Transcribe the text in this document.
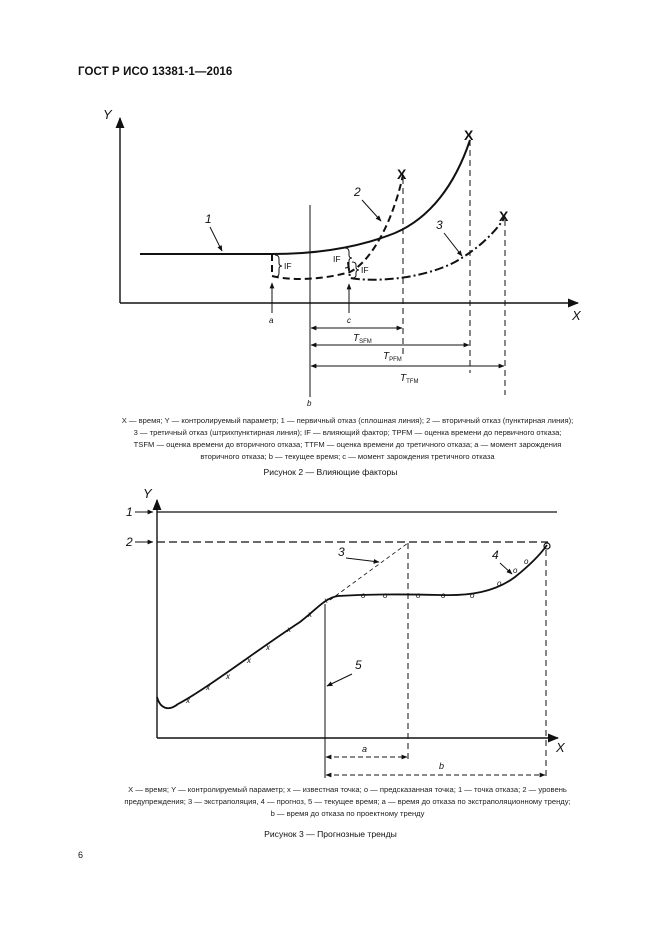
ГОСТ Р ИСО 13381-1—2016
Y
X
X
X
X
1
2
3
IF
IF
IF
a	c
b
$T_{SFM}$
$T_{PFM}$
$T_{TFM}$
X — время; Y — контролируемый параметр; 1 — первичный отказ (сплошная линия); 2 — вторичный отказ (пунктирная линия);
3 — третичный отказ (штрихпунктирная линия); IF — влияющий фактор; TPFM — оценка времени до первичного отказа;
TSFM — оценка времени до вторичного отказа; TTFM — оценка времени до третичного отказа; a — момент зарождения
вторичного отказа; b — текущее время; c — момент зарождения третичного отказа
Рисунок 2 — Влияющие факторы
Y
X
1
2
x
x
x
x
x
x
x
x
o o	o	o	o
o
o
o
3	4
5
a
b
X — время; Y — контролируемый параметр; x — известная точка; o — предсказанная точка; 1 — точка отказа; 2 — уровень
предупреждения; 3 — экстраполяция, 4 — прогноз, 5 — текущее время; a — время до отказа по экстраполяционному тренду;
b — время до отказа по проектному тренду
Рисунок 3 — Прогнозные тренды
6
